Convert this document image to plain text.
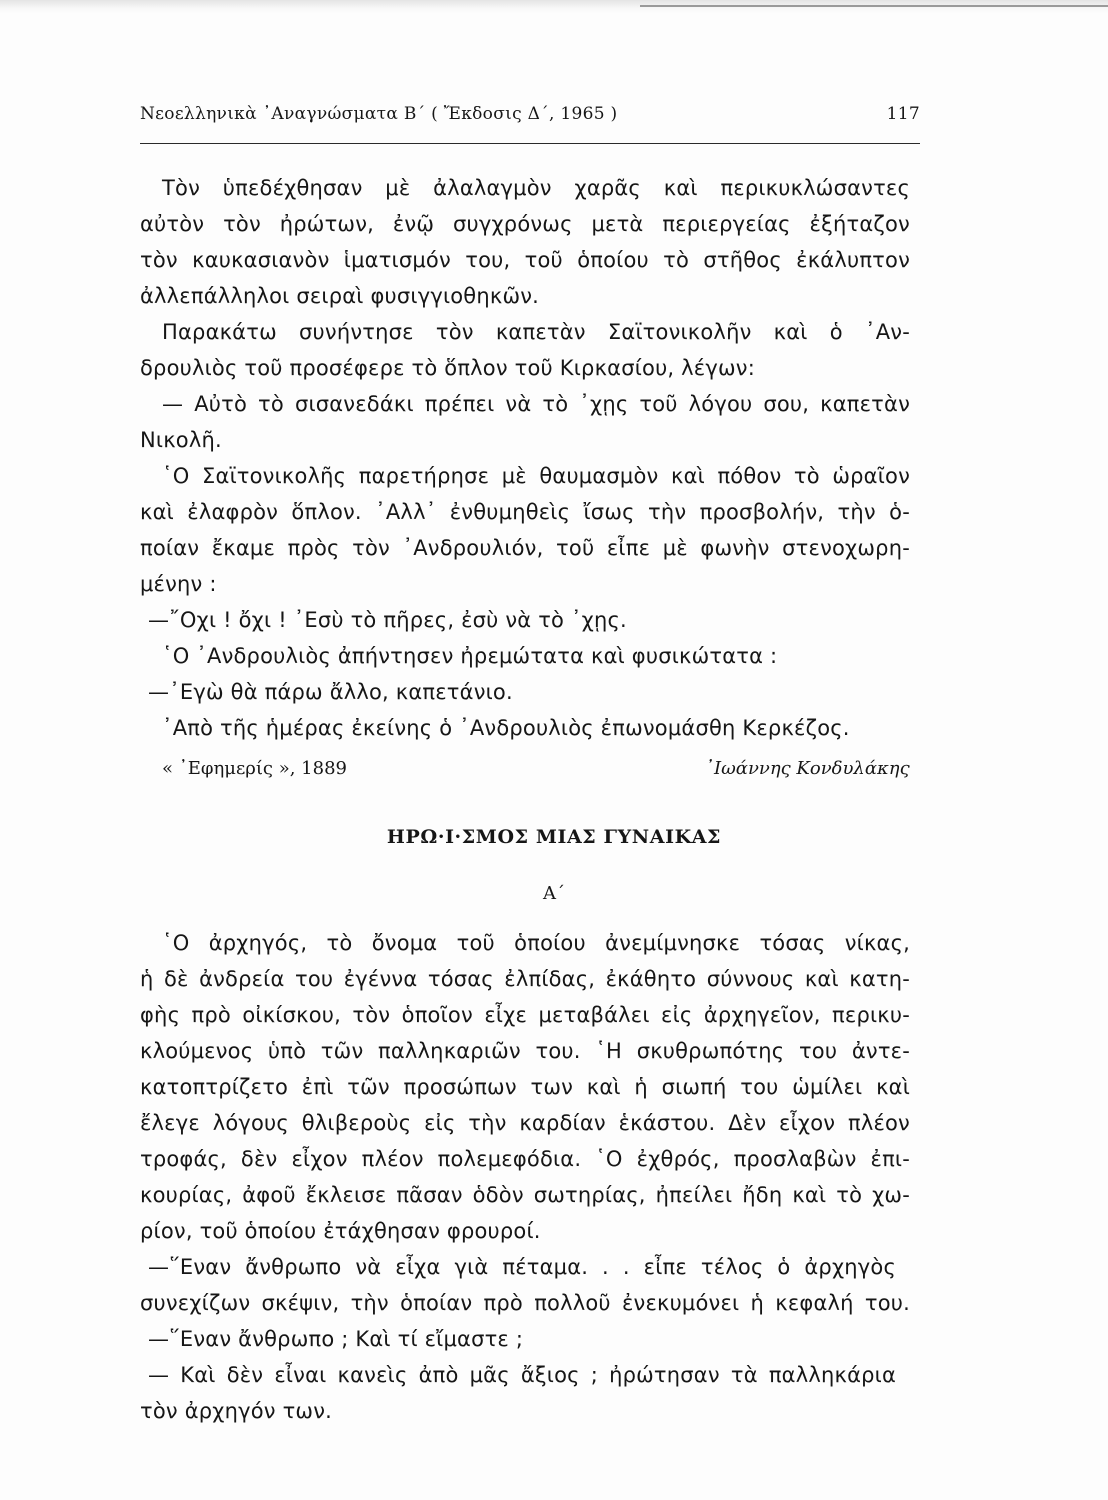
Νεοελληνικὰ ᾿Αναγνώσματα Β΄ ( Ἔκδοσις Δ΄, 1965 )	117

Τὸν ὑπεδέχθησαν μὲ ἀλαλαγμὸν χαρᾶς καὶ περικυκλώσαντες

αὐτὸν τὸν ἠρώτων, ἐνῷ συγχρόνως μετὰ περιεργείας ἐξήταζον

τὸν καυκασιανὸν ἱματισμόν του, τοῦ ὁποίου τὸ στῆθος ἐκάλυπτον

ἀλλεπάλληλοι σειραὶ φυσιγγιοθηκῶν.

Παρακάτω συνήντησε τὸν καπετὰν Σαϊτονικολῆν καὶ ὁ ᾿Αν-

δρουλιὸς τοῦ προσέφερε τὸ ὅπλον τοῦ Κιρκασίου, λέγων:

— Αὐτὸ τὸ σισανεδάκι πρέπει νὰ τὸ ᾿χῃς τοῦ λόγου σου, καπετὰν

Νικολῆ.

῾Ο Σαϊτονικολῆς παρετήρησε μὲ θαυμασμὸν καὶ πόθον τὸ ὡραῖον

καὶ ἐλαφρὸν ὅπλον. ᾿Αλλ᾿ ἐνθυμηθεὶς ἴσως τὴν προσβολήν, τὴν ὁ-

ποίαν ἔκαμε πρὸς τὸν ᾿Ανδρουλιόν, τοῦ εἶπε μὲ φωνὴν στενοχωρη-

μένην :

—῎Οχι ! ὄχι ! ᾿Εσὺ τὸ πῆρες, ἐσὺ νὰ τὸ ᾿χῃς.

῾Ο ᾿Ανδρουλιὸς ἀπήντησεν ἠρεμώτατα καὶ φυσικώτατα :

—᾿Εγὼ θὰ πάρω ἄλλο, καπετάνιο.

᾿Απὸ τῆς ἡμέρας ἐκείνης ὁ ᾿Ανδρουλιὸς ἐπωνομάσθη Κερκέζος.

« ᾿Εφημερίς », 1889	᾿Ιωάννης Κονδυλάκης
ΗΡΩ·Ι·ΣΜΟΣ ΜΙΑΣ ΓΥΝΑΙΚΑΣ
Α΄

῾Ο ἀρχηγός, τὸ ὄνομα τοῦ ὁποίου ἀνεμίμνησκε τόσας νίκας,

ἡ δὲ ἀνδρεία του ἐγέννα τόσας ἐλπίδας, ἐκάθητο σύννους καὶ κατη-

φὴς πρὸ οἰκίσκου, τὸν ὁποῖον εἶχε μεταβάλει εἰς ἀρχηγεῖον, περικυ-

κλούμενος ὑπὸ τῶν παλληκαριῶν του. ῾Η σκυθρωπότης του ἀντε-

κατοπτρίζετο ἐπὶ τῶν προσώπων των καὶ ἡ σιωπή του ὡμίλει καὶ

ἔλεγε λόγους θλιβεροὺς εἰς τὴν καρδίαν ἑκάστου. Δὲν εἶχον πλέον

τροφάς, δὲν εἶχον πλέον πολεμεφόδια. ῾Ο ἐχθρός, προσλαβὼν ἐπι-

κουρίας, ἀφοῦ ἔκλεισε πᾶσαν ὁδὸν σωτηρίας, ἠπείλει ἤδη καὶ τὸ χω-

ρίον, τοῦ ὁποίου ἐτάχθησαν φρουροί.

—῞Εναν ἄνθρωπο νὰ εἶχα γιὰ πέταμα. . . εἶπε τέλος ὁ ἀρχηγὸς

συνεχίζων σκέψιν, τὴν ὁποίαν πρὸ πολλοῦ ἐνεκυμόνει ἡ κεφαλή του.

—῞Εναν ἄνθρωπο ; Καὶ τί εἴμαστε ;

— Καὶ δὲν εἶναι κανεὶς ἀπὸ μᾶς ἄξιος ; ἠρώτησαν τὰ παλληκάρια

τὸν ἀρχηγόν των.
